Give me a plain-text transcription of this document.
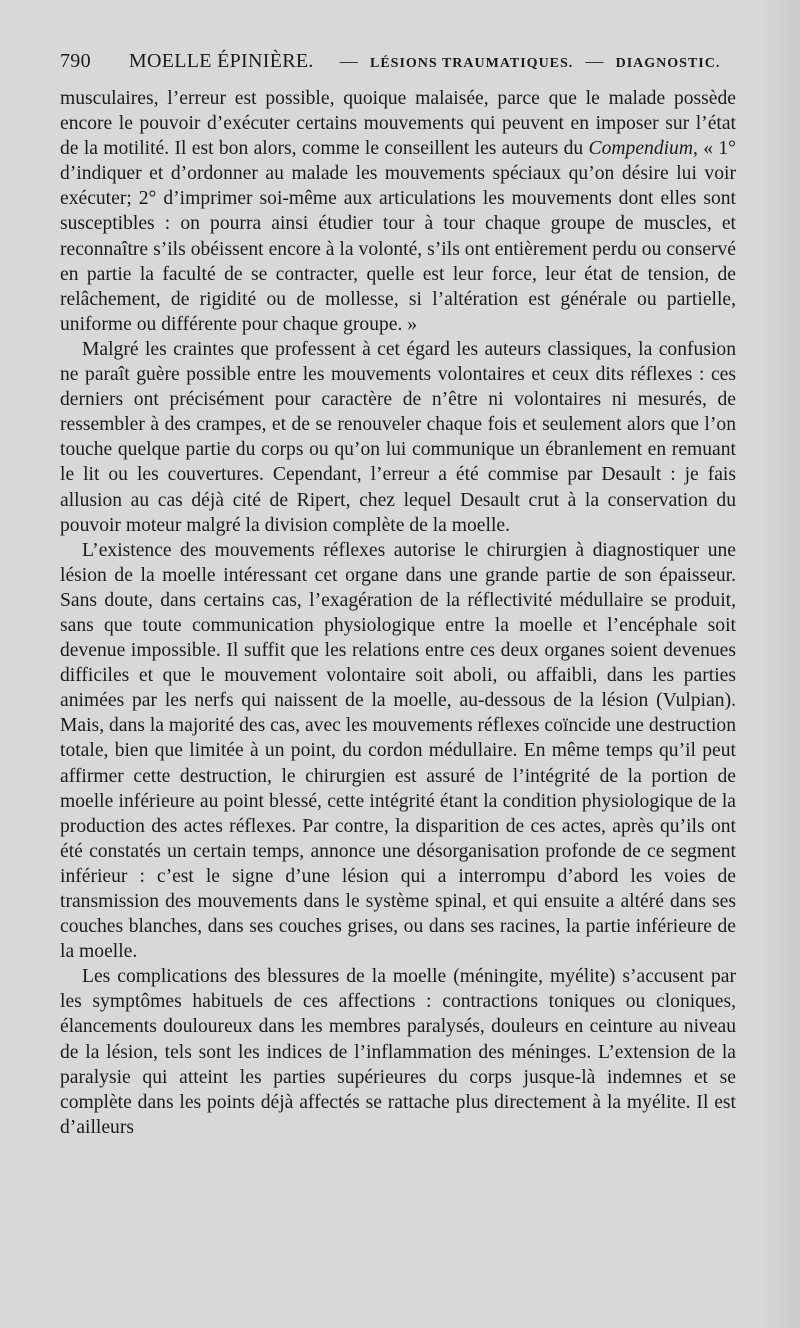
790 MOELLE ÉPINIÈRE. — LÉSIONS TRAUMATIQUES. — DIAGNOSTIC.

musculaires, l’erreur est possible, quoique malaisée, parce que le malade possède encore le pouvoir d’exécuter certains mouvements qui peuvent en imposer sur l’état de la motilité. Il est bon alors, comme le conseillent les auteurs du Compendium, « 1° d’indiquer et d’ordonner au malade les mouvements spéciaux qu’on désire lui voir exécuter; 2° d’imprimer soi-même aux articulations les mouvements dont elles sont susceptibles : on pourra ainsi étudier tour à tour chaque groupe de muscles, et reconnaître s’ils obéissent encore à la volonté, s’ils ont entièrement perdu ou conservé en partie la faculté de se contracter, quelle est leur force, leur état de tension, de relâchement, de rigidité ou de mollesse, si l’altération est générale ou partielle, uniforme ou différente pour chaque groupe. »

Malgré les craintes que professent à cet égard les auteurs classiques, la confusion ne paraît guère possible entre les mouvements volontaires et ceux dits réflexes : ces derniers ont précisément pour caractère de n’être ni volontaires ni mesurés, de ressembler à des crampes, et de se renouveler chaque fois et seulement alors que l’on touche quelque partie du corps ou qu’on lui communique un ébranlement en remuant le lit ou les couvertures. Cependant, l’erreur a été commise par Desault : je fais allusion au cas déjà cité de Ripert, chez lequel Desault crut à la conservation du pouvoir moteur malgré la division complète de la moelle.

L’existence des mouvements réflexes autorise le chirurgien à diagnostiquer une lésion de la moelle intéressant cet organe dans une grande partie de son épaisseur. Sans doute, dans certains cas, l’exagération de la réflectivité médullaire se produit, sans que toute communication physiologique entre la moelle et l’encéphale soit devenue impossible. Il suffit que les relations entre ces deux organes soient devenues difficiles et que le mouvement volontaire soit aboli, ou affaibli, dans les parties animées par les nerfs qui naissent de la moelle, au-dessous de la lésion (Vulpian). Mais, dans la majorité des cas, avec les mouvements réflexes coïncide une destruction totale, bien que limitée à un point, du cordon médullaire. En même temps qu’il peut affirmer cette destruction, le chirurgien est assuré de l’intégrité de la portion de moelle inférieure au point blessé, cette intégrité étant la condition physiologique de la production des actes réflexes. Par contre, la disparition de ces actes, après qu’ils ont été constatés un certain temps, annonce une désorganisation profonde de ce segment inférieur : c’est le signe d’une lésion qui a interrompu d’abord les voies de transmission des mouvements dans le système spinal, et qui ensuite a altéré dans ses couches blanches, dans ses couches grises, ou dans ses racines, la partie inférieure de la moelle.

Les complications des blessures de la moelle (méningite, myélite) s’accusent par les symptômes habituels de ces affections : contractions toniques ou cloniques, élancements douloureux dans les membres paralysés, douleurs en ceinture au niveau de la lésion, tels sont les indices de l’inflammation des méninges. L’extension de la paralysie qui atteint les parties supérieures du corps jusque-là indemnes et se complète dans les points déjà affectés se rattache plus directement à la myélite. Il est d’ailleurs
